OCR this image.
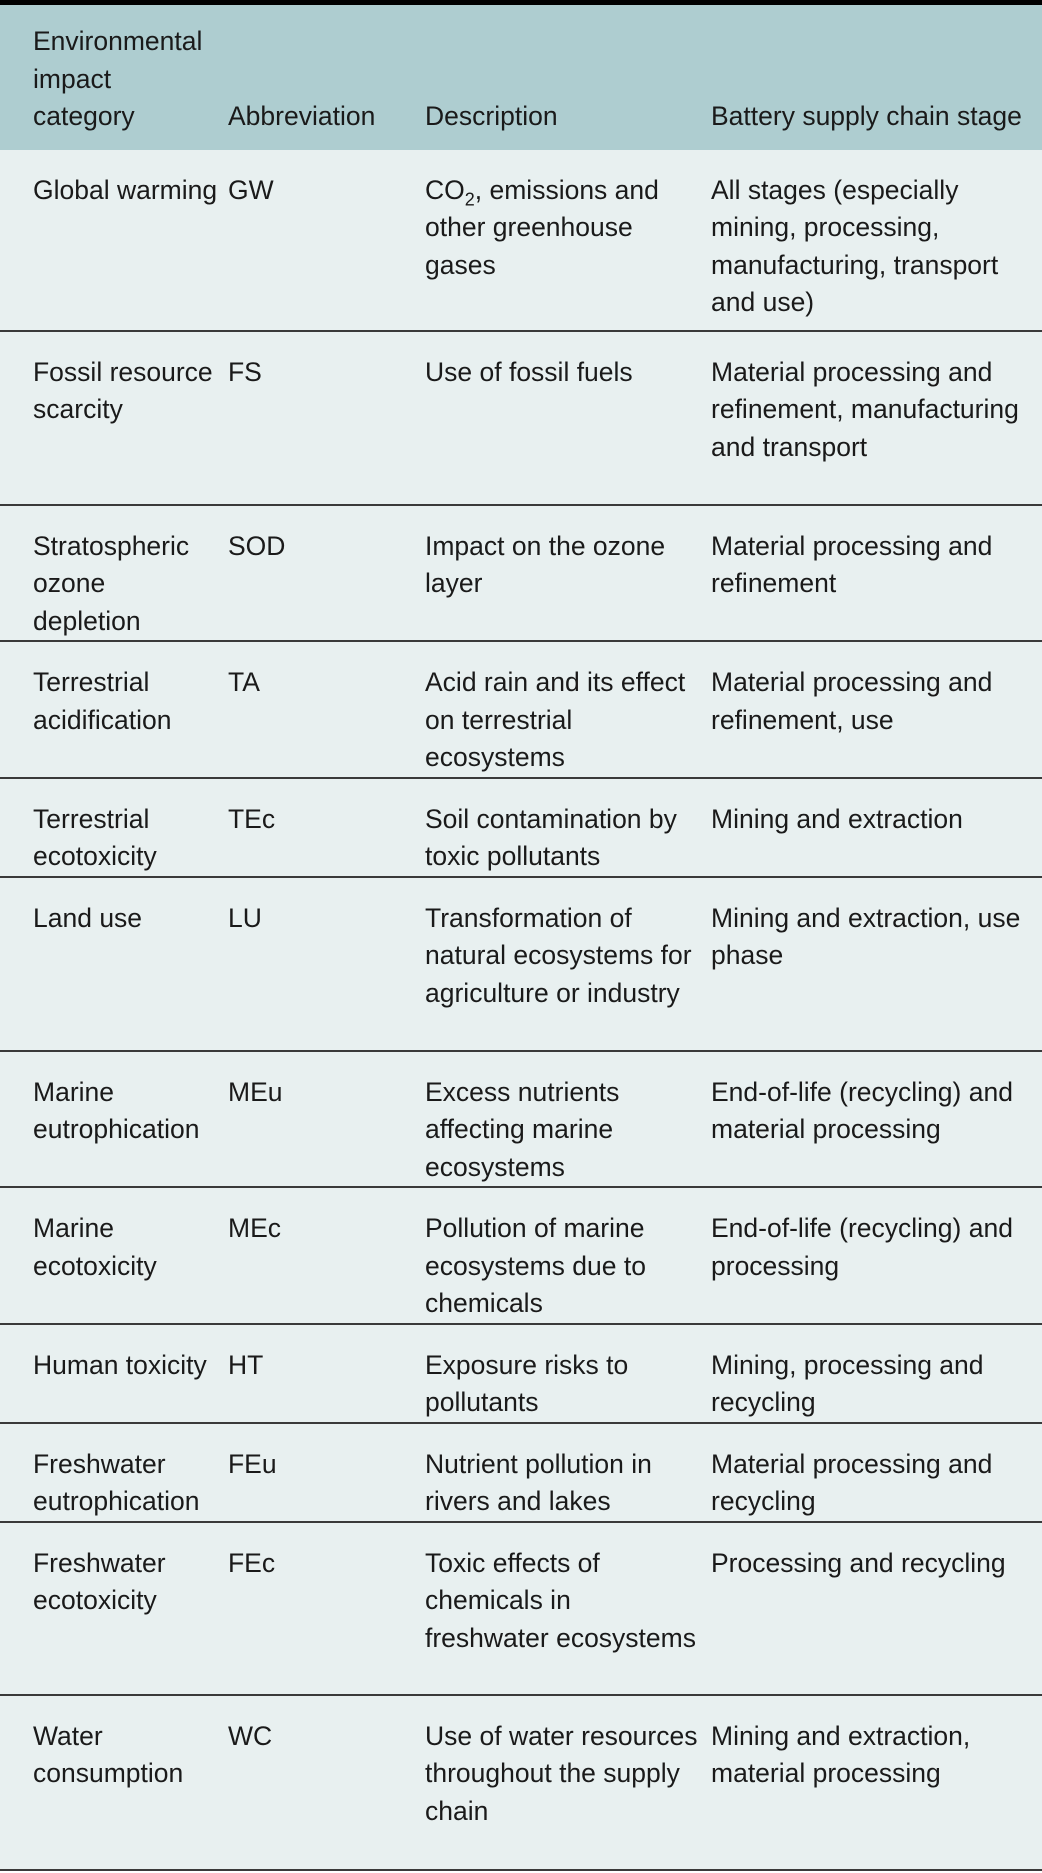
Environmental impact category	Abbreviation	Description	Battery supply chain stage
Global warming	GW	$CO_2$, emissions and other greenhouse gases	All stages (especially mining, processing, manufacturing, transport and use)
Fossil resource scarcity	FS	Use of fossil fuels	Material processing and refinement, manufacturing and transport
Stratospheric ozone depletion	SOD	Impact on the ozone layer	Material processing and refinement
Terrestrial acidification	TA	Acid rain and its effect on terrestrial ecosystems	Material processing and refinement, use
Terrestrial ecotoxicity	TEc	Soil contamination by toxic pollutants	Mining and extraction
Land use	LU	Transformation of natural ecosystems for agriculture or industry	Mining and extraction, use phase
Marine eutrophication	MEu	Excess nutrients affecting marine ecosystems	End-of-life (recycling) and material processing
Marine ecotoxicity	MEc	Pollution of marine ecosystems due to chemicals	End-of-life (recycling) and processing
Human toxicity	HT	Exposure risks to pollutants	Mining, processing and recycling
Freshwater eutrophication	FEu	Nutrient pollution in rivers and lakes	Material processing and recycling
Freshwater ecotoxicity	FEc	Toxic effects of chemicals in freshwater ecosystems	Processing and recycling
Water consumption	WC	Use of water resources throughout the supply chain	Mining and extraction, material processing
